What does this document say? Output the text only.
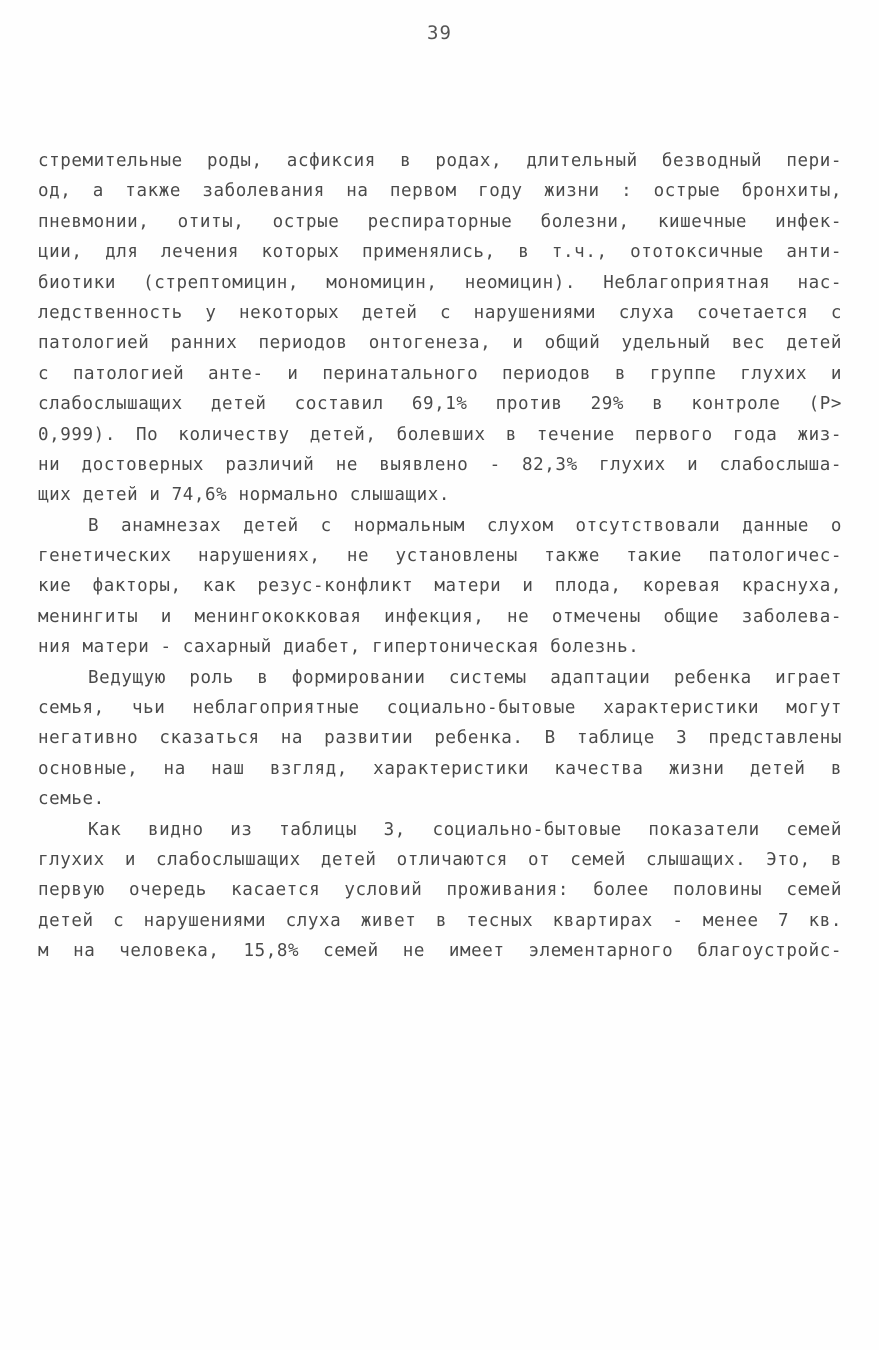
39
стремительные роды, асфиксия в родах, длительный безводный пери-
од, а также заболевания на первом году жизни : острые бронхиты,
пневмонии, отиты, острые респираторные болезни, кишечные инфек-
ции, для лечения которых применялись, в т.ч., ототоксичные анти-
биотики (стрептомицин, мономицин, неомицин). Неблагоприятная нас-
ледственность у некоторых детей с нарушениями слуха сочетается с
патологией ранних периодов онтогенеза, и общий удельный вес детей
с патологией анте- и перинатального периодов в группе глухих и
слабослышащих детей составил 69,1% против 29% в контроле (Р>
0,999). По количеству детей, болевших в течение первого года жиз-
ни достоверных различий не выявлено - 82,3% глухих и слабослыша-
щих детей и 74,6% нормально слышащих.
В анамнезах детей с нормальным слухом отсутствовали данные о
генетических нарушениях, не установлены также такие патологичес-
кие факторы, как резус-конфликт матери и плода, коревая краснуха,
менингиты и менингококковая инфекция, не отмечены общие заболева-
ния матери - сахарный диабет, гипертоническая болезнь.
Ведущую роль в формировании системы адаптации ребенка играет
семья, чьи неблагоприятные социально-бытовые характеристики могут
негативно сказаться на развитии ребенка. В таблице 3 представлены
основные, на наш взгляд, характеристики качества жизни детей в
семье.
Как видно из таблицы 3, социально-бытовые показатели семей
глухих и слабослышащих детей отличаются от семей слышащих. Это, в
первую очередь касается условий проживания: более половины семей
детей с нарушениями слуха живет в тесных квартирах - менее 7 кв.
м на человека, 15,8% семей не имеет элементарного благоустройс-
